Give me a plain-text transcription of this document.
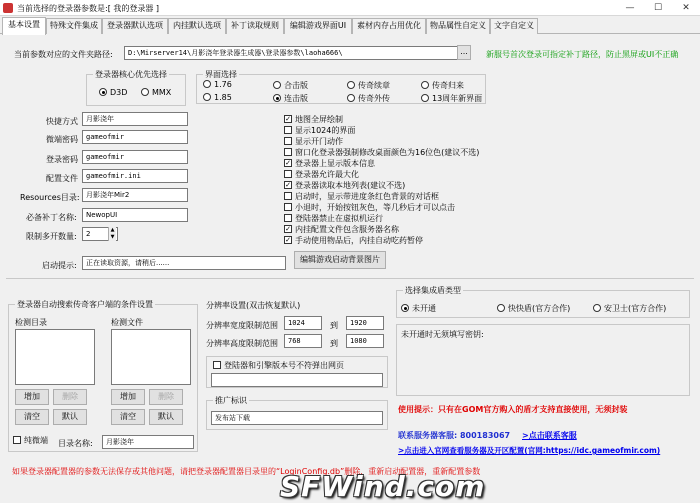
当前选择的登录器参数是:[ 我的登录器 ]	—	☐	✕
基本设置	特殊文件集成	登录器默认选项	内挂默认选项	补丁读取规则	编辑游戏界面UI	素材内存占用优化	物品属性自定义	文字自定义
当前参数对应的文件夹路径:	D:\Mirserver14\月影浇年登录器生成器\登录器参数\laoha666\	...	新服号首次登录可指定补丁路径，防止黑屏或UI不正确
登录器核心优先选择
D3D	MMX
界面选择
1.76	合击版	传奇续章	传奇归来
1.85	连击版	传奇外传	13周年新界面
快捷方式	月影浇年
微端密码	gameofmir
登录密码	gameofmir
配置文件	gameofmir.ini
Resources目录: 月影浇年Mir2
必备补丁名称:	NewopUI
限制多开数量:	2	▲
▼
✓地图全屏绘制
显示1024的界面
显示开门动作
窗口化登录器强制修改桌面颜色为16位色(建议不选)
✓登录器上显示版本信息
登录器允许最大化
✓登录器读取本地列表(建议不选)
启动时，显示带进度条红色背景的对话框
小退时，开始按钮灰色，等几秒后才可以点击
登陆器禁止在虚拟机运行
✓内挂配置文件包含服务器名称
✓手动使用物品后，内挂自动吃药暂停
启动提示:	正在读取资源，请稍后......	编辑游戏启动背景图片
登录器自动搜索传奇客户端的条件设置
检测目录	检测文件
增加	删除
清空	默认
增加	删除
清空	默认
纯微端 目录名称:	月影浇年
分辨率设置(双击恢复默认)
分辨率宽度限制范围	1024	到	1920
分辨率高度限制范围	768	到	1080
登陆器和引擎版本号不符弹出网页
推广标识
发布站下载
选择集成盾类型
未开通	快快盾(官方合作)	安卫士(官方合作)
未开通时无须填写密钥:
使用提示：只有在GOM官方购入的盾才支持直接使用，无须封装
联系服务器客服: 800183067 >点击联系客服
>点击进入官网查看服务器及开区配置(官网:https://idc.gameofmir.com)
如果登录器配置器的参数无法保存或其他问题，请把登录器配置器目录里的“LoginConfig.db”删除，重新启动配置器，重新配置参数
SFWind.com
